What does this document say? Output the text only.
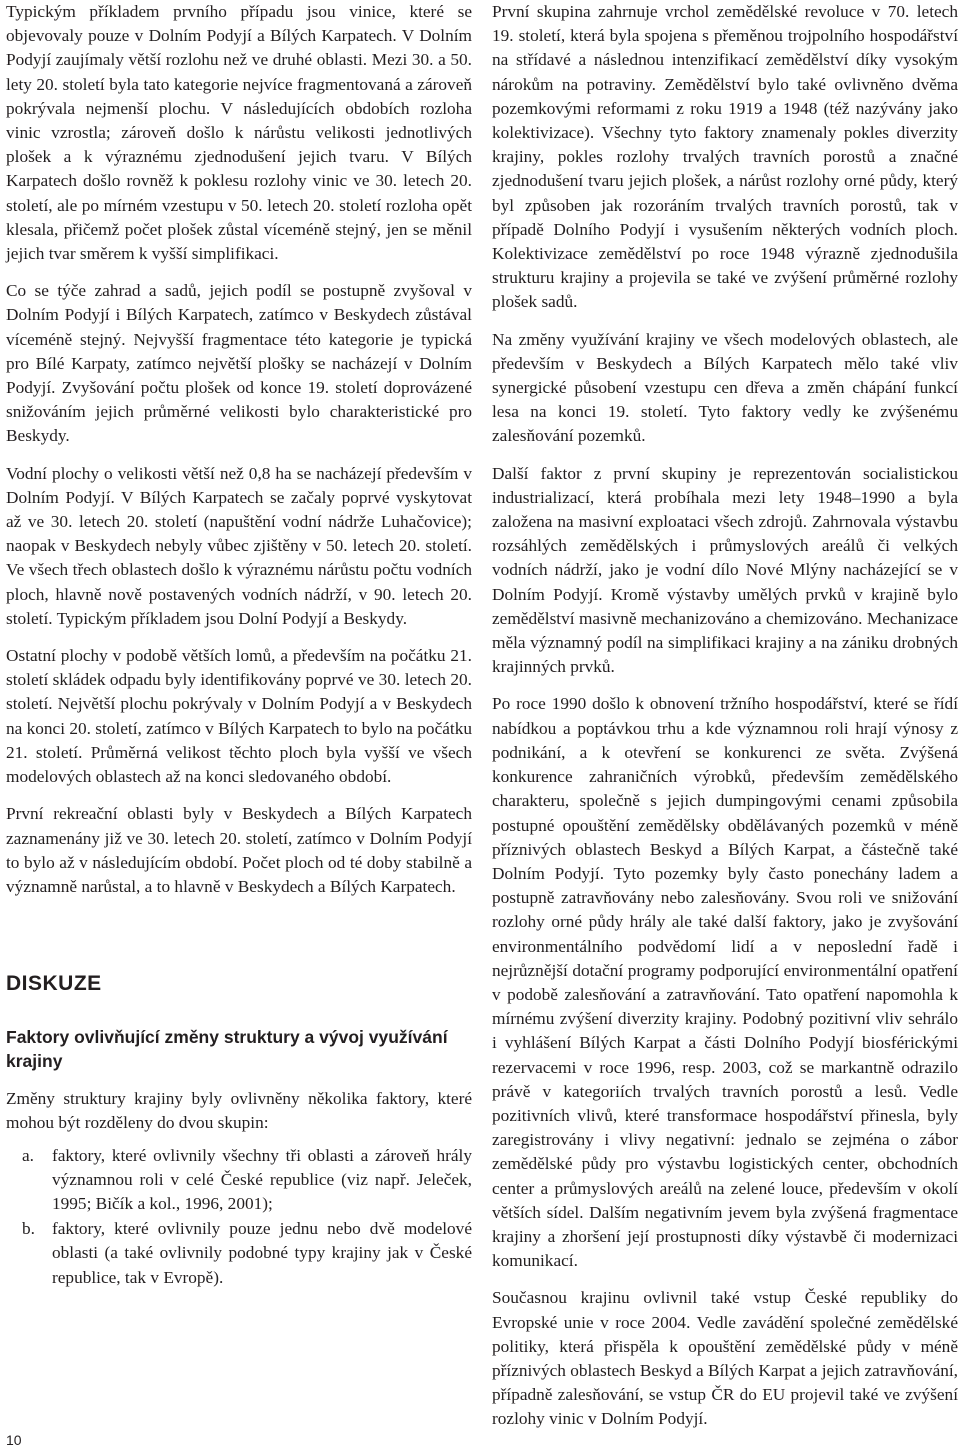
Typickým příkladem prvního případu jsou vinice, které se objevovaly pouze v Dolním Podyjí a Bílých Karpatech. V Dolním Podyjí zaujímaly větší rozlohu než ve druhé oblasti. Mezi 30. a 50. lety 20. století byla tato kategorie nejvíce fragmentovaná a zároveň pokrývala nejmenší plochu. V následujících obdobích rozloha vinic vzrostla; zároveň došlo k nárůstu velikosti jednotlivých plošek a k výraznému zjednodušení jejich tvaru. V Bílých Karpatech došlo rovněž k poklesu rozlohy vinic ve 30. letech 20. století, ale po mírném vzestupu v 50. letech 20. století rozloha opět klesala, přičemž počet plošek zůstal víceméně stejný, jen se měnil jejich tvar směrem k vyšší simplifikaci.

Co se týče zahrad a sadů, jejich podíl se postupně zvyšoval v Dolním Podyjí i Bílých Karpatech, zatímco v Beskydech zůstával víceméně stejný. Nejvyšší fragmentace této kategorie je typická pro Bílé Karpaty, zatímco největší plošky se nacházejí v Dolním Podyjí. Zvyšování počtu plošek od konce 19. století doprovázené snižováním jejich průměrné velikosti bylo charakteristické pro Beskydy.

Vodní plochy o velikosti větší než 0,8 ha se nacházejí především v Dolním Podyjí. V Bílých Karpatech se začaly poprvé vyskytovat až ve 30. letech 20. století (napuštění vodní nádrže Luhačovice); naopak v Beskydech nebyly vůbec zjištěny v 50. letech 20. století. Ve všech třech oblastech došlo k výraznému nárůstu počtu vodních ploch, hlavně nově postavených vodních nádrží, v 90. letech 20. století. Typickým příkladem jsou Dolní Podyjí a Beskydy.

Ostatní plochy v podobě větších lomů, a především na počátku 21. století skládek odpadu byly identifikovány poprvé ve 30. letech 20. století. Největší plochu pokrývaly v Dolním Podyjí a v Beskydech na konci 20. století, zatímco v Bílých Karpatech to bylo na počátku 21. století. Průměrná velikost těchto ploch byla vyšší ve všech modelových oblastech až na konci sledovaného období.

První rekreační oblasti byly v Beskydech a Bílých Karpatech zaznamenány již ve 30. letech 20. století, zatímco v Dolním Podyjí to bylo až v následujícím období. Počet ploch od té doby stabilně a významně narůstal, a to hlavně v Beskydech a Bílých Karpatech.

DISKUZE
Faktory ovlivňující změny struktury a vývoj využívání krajiny

Změny struktury krajiny byly ovlivněny několika faktory, které mohou být rozděleny do dvou skupin:

a.	faktory, které ovlivnily všechny tři oblasti a zároveň hrály významnou roli v celé České republice (viz např. Jeleček, 1995; Bičík a kol., 1996, 2001);
b. faktory, které ovlivnily pouze jednu nebo dvě modelové oblasti (a také ovlivnily podobné typy krajiny jak v České republice, tak v Evropě).

První skupina zahrnuje vrchol zemědělské revoluce v 70. letech 19. století, která byla spojena s přeměnou trojpolního hospodářství na střídavé a následnou intenzifikací zemědělství díky vysokým nárokům na potraviny. Zemědělství bylo také ovlivněno dvěma pozemkovými reformami z roku 1919 a 1948 (též nazývány jako kolektivizace). Všechny tyto faktory znamenaly pokles diverzity krajiny, pokles rozlohy trvalých travních porostů a značné zjednodušení tvaru jejich plošek, a nárůst rozlohy orné půdy, který byl způsoben jak rozoráním trvalých travních porostů, tak v případě Dolního Podyjí i vysušením některých vodních ploch. Kolektivizace zemědělství po roce 1948 výrazně zjednodušila strukturu krajiny a projevila se také ve zvýšení průměrné rozlohy plošek sadů.

Na změny využívání krajiny ve všech modelových oblastech, ale především v Beskydech a Bílých Karpatech mělo také vliv synergické působení vzestupu cen dřeva a změn chápání funkcí lesa na konci 19. století. Tyto faktory vedly ke zvýšenému zalesňování pozemků.

Další faktor z první skupiny je reprezentován socialistickou industrializací, která probíhala mezi lety 1948–1990 a byla založena na masivní exploataci všech zdrojů. Zahrnovala výstavbu rozsáhlých zemědělských i průmyslových areálů či velkých vodních nádrží, jako je vodní dílo Nové Mlýny nacházející se v Dolním Podyjí. Kromě výstavby umělých prvků v krajině bylo zemědělství masivně mechanizováno a chemizováno. Mechanizace měla významný podíl na simplifikaci krajiny a na zániku drobných krajinných prvků.

Po roce 1990 došlo k obnovení tržního hospodářství, které se řídí nabídkou a poptávkou trhu a kde významnou roli hrají výnosy z podnikání, a k otevření se konkurenci ze světa. Zvýšená konkurence zahraničních výrobků, především zemědělského charakteru, společně s jejich dumpingovými cenami způsobila postupné opouštění zemědělsky obdělávaných pozemků v méně příznivých oblastech Beskyd a Bílých Karpat, a částečně také Dolním Podyjí. Tyto pozemky byly často ponechány ladem a postupně zatravňovány nebo zalesňovány. Svou roli ve snižování rozlohy orné půdy hrály ale také další faktory, jako je zvyšování environmentálního podvědomí lidí a v neposlední řadě i nejrůznější dotační programy podporující environmentální opatření v podobě zalesňování a zatravňování. Tato opatření napomohla k mírnému zvýšení diverzity krajiny. Podobný pozitivní vliv sehrálo i vyhlášení Bílých Karpat a části Dolního Podyjí biosférickými rezervacemi v roce 1996, resp. 2003, což se markantně odrazilo právě v kategoriích trvalých travních porostů a lesů. Vedle pozitivních vlivů, které transformace hospodářství přinesla, byly zaregistrovány i vlivy negativní: jednalo se zejména o zábor zemědělské půdy pro výstavbu logistických center, obchodních center a průmyslových areálů na zelené louce, především v okolí větších sídel. Dalším negativním jevem byla zvýšená fragmentace krajiny a zhoršení její prostupnosti díky výstavbě či modernizaci komunikací.

Současnou krajinu ovlivnil také vstup České republiky do Evropské unie v roce 2004. Vedle zavádění společné zemědělské politiky, která přispěla k opouštění zemědělské půdy v méně příznivých oblastech Beskyd a Bílých Karpat a jejich zatravňování, případně zalesňování, se vstup ČR do EU projevil také ve zvýšení rozlohy vinic v Dolním Podyjí.

10
